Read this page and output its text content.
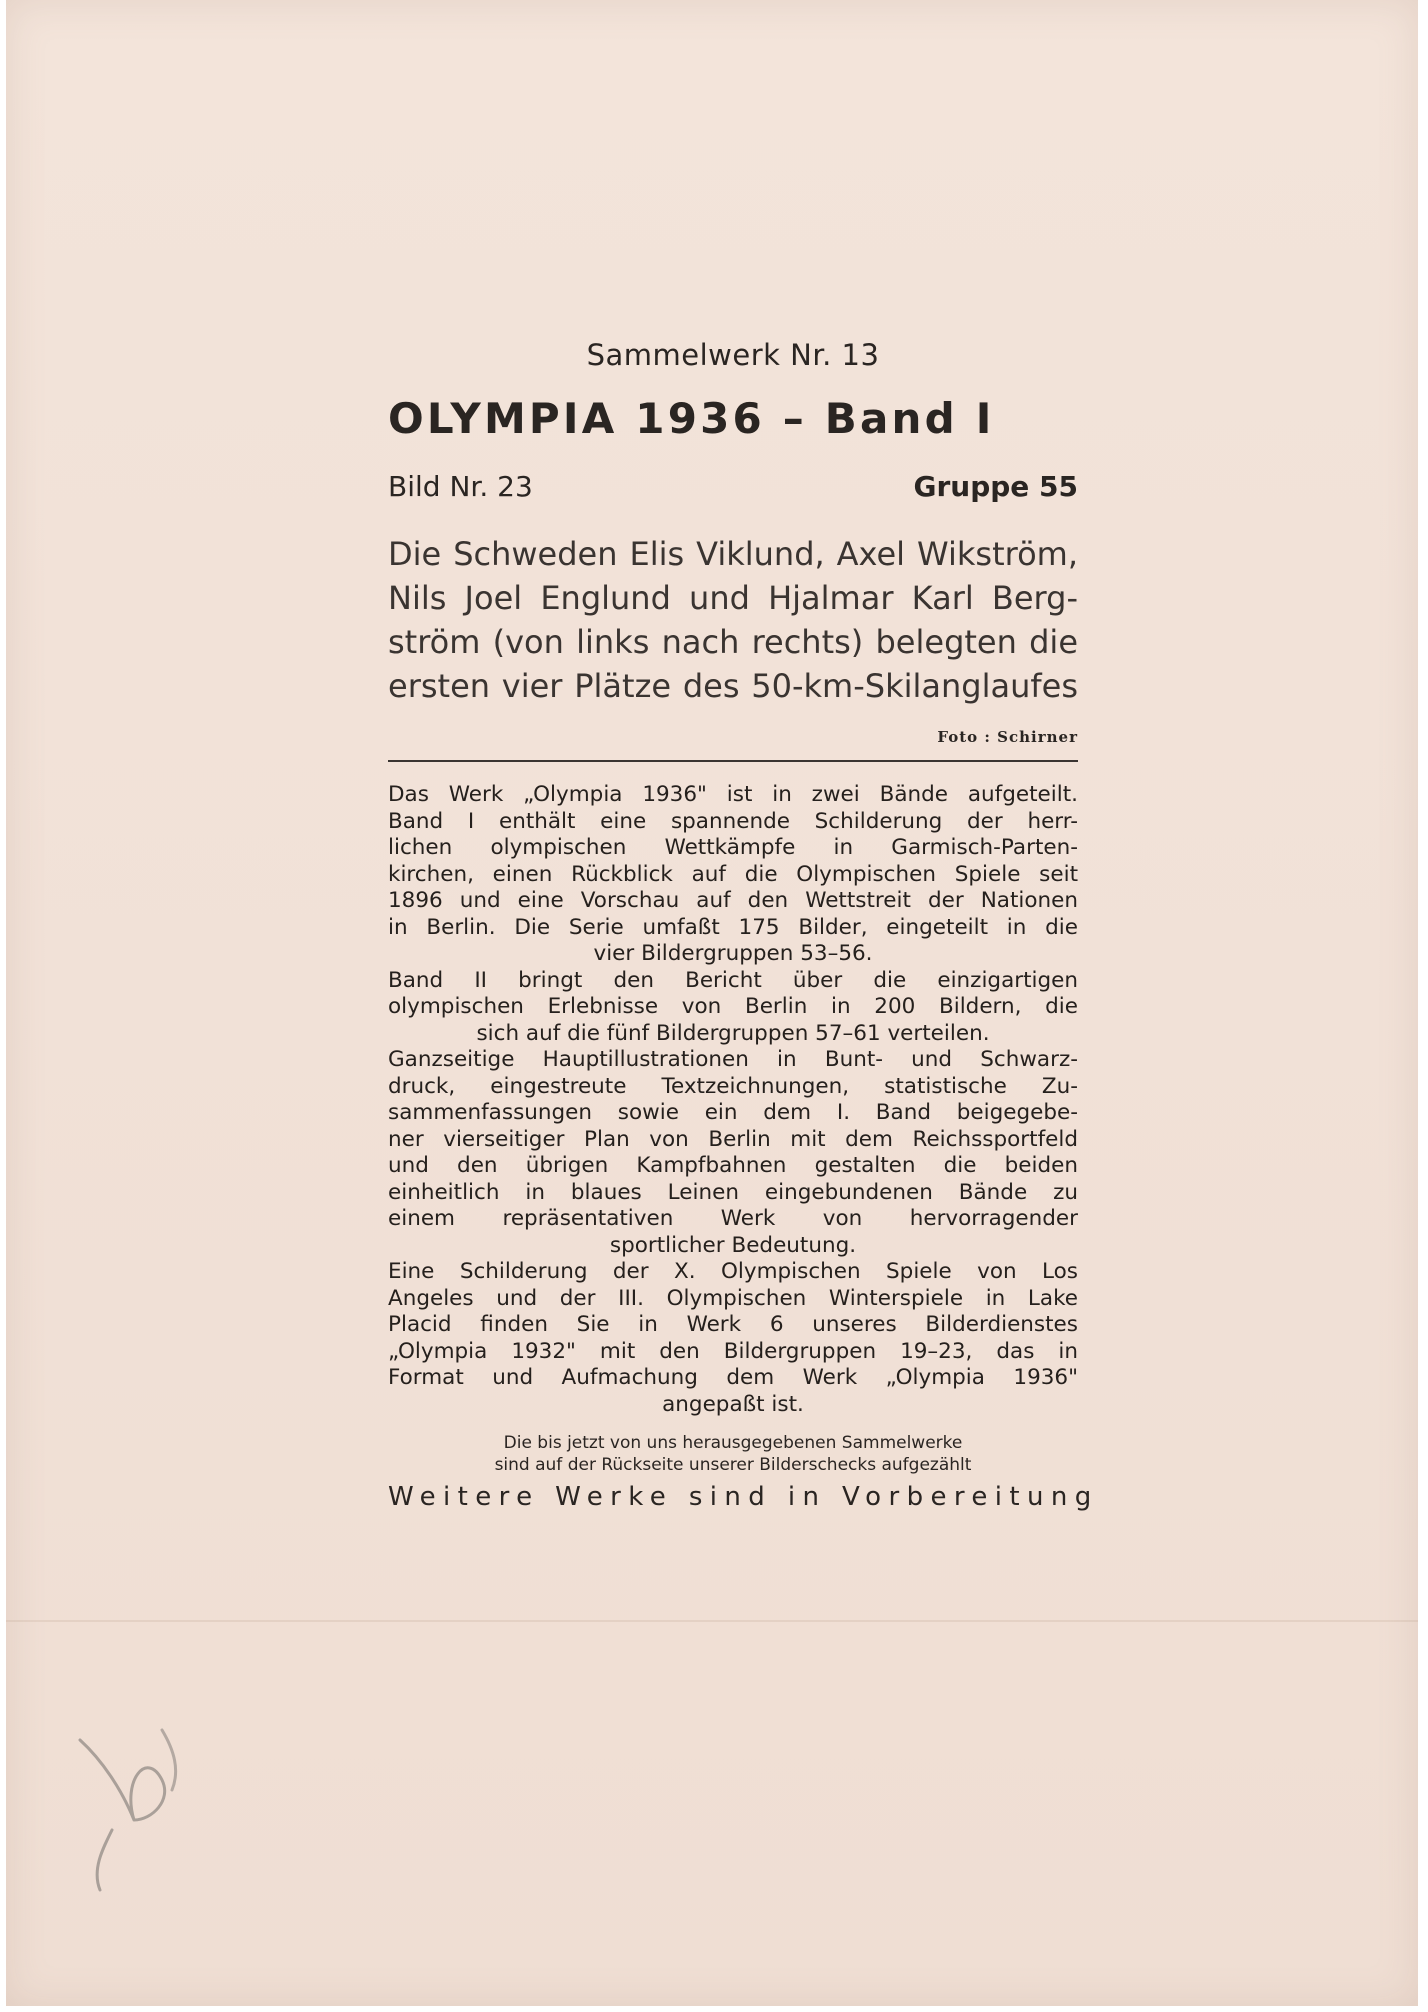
Sammelwerk Nr. 13
OLYMPIA 1936 – Band I
Bild Nr. 23	Gruppe 55
Die Schweden Elis Viklund, Axel Wikström,
Nils Joel Englund und Hjalmar Karl Berg-
ström (von links nach rechts) belegten die
ersten vier Plätze des 50-km-Skilanglaufes
Foto : Schirner
Das Werk „Olympia 1936" ist in zwei Bände aufgeteilt.
Band I enthält eine spannende Schilderung der herr-
lichen olympischen Wettkämpfe in Garmisch-Parten-
kirchen, einen Rückblick auf die Olympischen Spiele seit
1896 und eine Vorschau auf den Wettstreit der Nationen
in Berlin. Die Serie umfaßt 175 Bilder, eingeteilt in die
vier Bildergruppen 53–56.
Band II bringt den Bericht über die einzigartigen
olympischen Erlebnisse von Berlin in 200 Bildern, die
sich auf die fünf Bildergruppen 57–61 verteilen.
Ganzseitige Hauptillustrationen in Bunt- und Schwarz-
druck, eingestreute Textzeichnungen, statistische Zu-
sammenfassungen sowie ein dem I. Band beigegebe-
ner vierseitiger Plan von Berlin mit dem Reichssportfeld
und den übrigen Kampfbahnen gestalten die beiden
einheitlich in blaues Leinen eingebundenen Bände zu
einem repräsentativen Werk von hervorragender
sportlicher Bedeutung.
Eine Schilderung der X. Olympischen Spiele von Los
Angeles und der III. Olympischen Winterspiele in Lake
Placid finden Sie in Werk 6 unseres Bilderdienstes
„Olympia 1932" mit den Bildergruppen 19–23, das in
Format und Aufmachung dem Werk „Olympia 1936"
angepaßt ist.
Die bis jetzt von uns herausgegebenen Sammelwerke
sind auf der Rückseite unserer Bilderschecks aufgezählt
Weitere Werke sind in Vorbereitung
